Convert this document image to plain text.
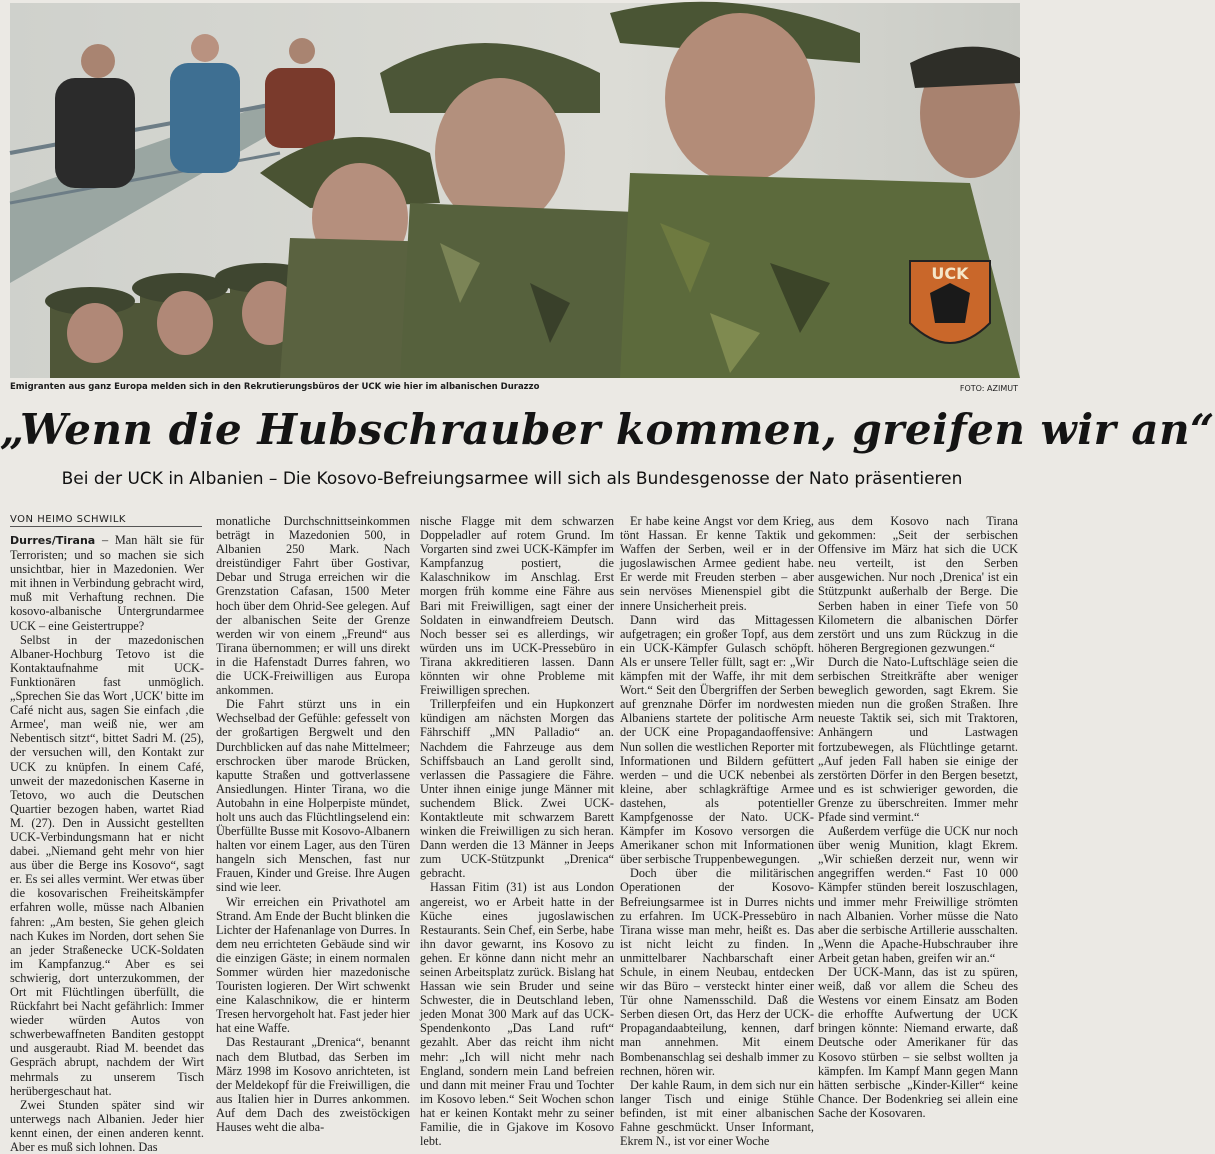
UCK
Emigranten aus ganz Europa melden sich in den Rekrutierungsbüros der UCK wie hier im albanischen Durazzo	FOTO: AZIMUT
„Wenn die Hubschrauber kommen, greifen wir an“
Bei der UCK in Albanien – Die Kosovo-Befreiungsarmee will sich als Bundesgenosse der Nato präsentieren
VON HEIMO SCHWILK

Durres/Tirana – Man hält sie für Terroristen; und so machen sie sich unsichtbar, hier in Mazedonien. Wer mit ihnen in Verbindung gebracht wird, muß mit Verhaftung rechnen. Die kosovo-albanische Untergrundarmee UCK – eine Geistertruppe?

Selbst in der mazedonischen Albaner-Hochburg Tetovo ist die Kontaktaufnahme mit UCK-Funktionären fast unmöglich. „Sprechen Sie das Wort ‚UCK' bitte im Café nicht aus, sagen Sie einfach ‚die Armee', man weiß nie, wer am Nebentisch sitzt“, bittet Sadri M. (25), der versuchen will, den Kontakt zur UCK zu knüpfen. In einem Café, unweit der mazedonischen Kaserne in Tetovo, wo auch die Deutschen Quartier bezogen haben, wartet Riad M. (27). Den in Aussicht gestellten UCK-Verbindungsmann hat er nicht dabei. „Niemand geht mehr von hier aus über die Berge ins Kosovo“, sagt er. Es sei alles vermint. Wer etwas über die kosovarischen Freiheitskämpfer erfahren wolle, müsse nach Albanien fahren: „Am besten, Sie gehen gleich nach Kukes im Norden, dort sehen Sie an jeder Straßenecke UCK-Soldaten im Kampfanzug.“ Aber es sei schwierig, dort unterzukommen, der Ort mit Flüchtlingen überfüllt, die Rückfahrt bei Nacht gefährlich: Immer wieder würden Autos von schwerbewaffneten Banditen gestoppt und ausgeraubt. Riad M. beendet das Gespräch abrupt, nachdem der Wirt mehrmals zu unserem Tisch herübergeschaut hat.

Zwei Stunden später sind wir unterwegs nach Albanien. Jeder hier kennt einen, der einen anderen kennt. Aber es muß sich lohnen. Das

monatliche Durchschnittseinkommen beträgt in Mazedonien 500, in Albanien 250 Mark. Nach dreistündiger Fahrt über Gostivar, Debar und Struga erreichen wir die Grenzstation Cafasan, 1500 Meter hoch über dem Ohrid-See gelegen. Auf der albanischen Seite der Grenze werden wir von einem „Freund“ aus Tirana übernommen; er will uns direkt in die Hafenstadt Durres fahren, wo die UCK-Freiwilligen aus Europa ankommen.

Die Fahrt stürzt uns in ein Wechselbad der Gefühle: gefesselt von der großartigen Bergwelt und den Durchblicken auf das nahe Mittelmeer; erschrocken über marode Brücken, kaputte Straßen und gottverlassene Ansiedlungen. Hinter Tirana, wo die Autobahn in eine Holperpiste mündet, holt uns auch das Flüchtlingselend ein: Überfüllte Busse mit Kosovo-Albanern halten vor einem Lager, aus den Türen hangeln sich Menschen, fast nur Frauen, Kinder und Greise. Ihre Augen sind wie leer.

Wir erreichen ein Privathotel am Strand. Am Ende der Bucht blinken die Lichter der Hafenanlage von Durres. In dem neu errichteten Gebäude sind wir die einzigen Gäste; in einem normalen Sommer würden hier mazedonische Touristen logieren. Der Wirt schwenkt eine Kalaschnikow, die er hinterm Tresen hervorgeholt hat. Fast jeder hier hat eine Waffe.

Das Restaurant „Drenica“, benannt nach dem Blutbad, das Serben im März 1998 im Kosovo anrichteten, ist der Meldekopf für die Freiwilligen, die aus Italien hier in Durres ankommen. Auf dem Dach des zweistöckigen Hauses weht die alba-

nische Flagge mit dem schwarzen Doppeladler auf rotem Grund. Im Vorgarten sind zwei UCK-Kämpfer im Kampfanzug postiert, die Kalaschnikow im Anschlag. Erst morgen früh komme eine Fähre aus Bari mit Freiwilligen, sagt einer der Soldaten in einwandfreiem Deutsch. Noch besser sei es allerdings, wir würden uns im UCK-Pressebüro in Tirana akkreditieren lassen. Dann könnten wir ohne Probleme mit Freiwilligen sprechen.

Trillerpfeifen und ein Hupkonzert kündigen am nächsten Morgen das Fährschiff „MN Palladio“ an. Nachdem die Fahrzeuge aus dem Schiffsbauch an Land gerollt sind, verlassen die Passagiere die Fähre. Unter ihnen einige junge Männer mit suchendem Blick. Zwei UCK-Kontaktleute mit schwarzem Barett winken die Freiwilligen zu sich heran. Dann werden die 13 Männer in Jeeps zum UCK-Stützpunkt „Drenica“ gebracht.

Hassan Fitim (31) ist aus London angereist, wo er Arbeit hatte in der Küche eines jugoslawischen Restaurants. Sein Chef, ein Serbe, habe ihn davor gewarnt, ins Kosovo zu gehen. Er könne dann nicht mehr an seinen Arbeitsplatz zurück. Bislang hat Hassan wie sein Bruder und seine Schwester, die in Deutschland leben, jeden Monat 300 Mark auf das UCK-Spendenkonto „Das Land ruft“ gezahlt. Aber das reicht ihm nicht mehr: „Ich will nicht mehr nach England, sondern mein Land befreien und dann mit meiner Frau und Tochter im Kosovo leben.“ Seit Wochen schon hat er keinen Kontakt mehr zu seiner Familie, die in Gjakove im Kosovo lebt.

Er habe keine Angst vor dem Krieg, tönt Hassan. Er kenne Taktik und Waffen der Serben, weil er in der jugoslawischen Armee gedient habe. Er werde mit Freuden sterben – aber sein nervöses Mienenspiel gibt die innere Unsicherheit preis.

Dann wird das Mittagessen aufgetragen; ein großer Topf, aus dem ein UCK-Kämpfer Gulasch schöpft. Als er unsere Teller füllt, sagt er: „Wir kämpfen mit der Waffe, ihr mit dem Wort.“ Seit den Übergriffen der Serben auf grenznahe Dörfer im nordwesten Albaniens startete der politische Arm der UCK eine Propagandaoffensive: Nun sollen die westlichen Reporter mit Informationen und Bildern gefüttert werden – und die UCK nebenbei als kleine, aber schlagkräftige Armee dastehen, als potentieller Kampfgenosse der Nato. UCK-Kämpfer im Kosovo versorgen die Amerikaner schon mit Informationen über serbische Truppenbewegungen.

Doch über die militärischen Operationen der Kosovo-Befreiungsarmee ist in Durres nichts zu erfahren. Im UCK-Pressebüro in Tirana wisse man mehr, heißt es. Das ist nicht leicht zu finden. In unmittelbarer Nachbarschaft einer Schule, in einem Neubau, entdecken wir das Büro – versteckt hinter einer Tür ohne Namensschild. Daß die Serben diesen Ort, das Herz der UCK-Propagandaabteilung, kennen, darf man annehmen. Mit einem Bombenanschlag sei deshalb immer zu rechnen, hören wir.

Der kahle Raum, in dem sich nur ein langer Tisch und einige Stühle befinden, ist mit einer albanischen Fahne geschmückt. Unser Informant, Ekrem N., ist vor einer Woche

aus dem Kosovo nach Tirana gekommen: „Seit der serbischen Offensive im März hat sich die UCK neu verteilt, ist den Serben ausgewichen. Nur noch ‚Drenica' ist ein Stützpunkt außerhalb der Berge. Die Serben haben in einer Tiefe von 50 Kilometern die albanischen Dörfer zerstört und uns zum Rückzug in die höheren Bergregionen gezwungen.“

Durch die Nato-Luftschläge seien die serbischen Streitkräfte aber weniger beweglich geworden, sagt Ekrem. Sie mieden nun die großen Straßen. Ihre neueste Taktik sei, sich mit Traktoren, Anhängern und Lastwagen fortzubewegen, als Flüchtlinge getarnt. „Auf jeden Fall haben sie einige der zerstörten Dörfer in den Bergen besetzt, und es ist schwieriger geworden, die Grenze zu überschreiten. Immer mehr Pfade sind vermint.“

Außerdem verfüge die UCK nur noch über wenig Munition, klagt Ekrem. „Wir schießen derzeit nur, wenn wir angegriffen werden.“ Fast 10 000 Kämpfer stünden bereit loszuschlagen, und immer mehr Freiwillige strömten nach Albanien. Vorher müsse die Nato aber die serbische Artillerie ausschalten. „Wenn die Apache-Hubschrauber ihre Arbeit getan haben, greifen wir an.“

Der UCK-Mann, das ist zu spüren, weiß, daß vor allem die Scheu des Westens vor einem Einsatz am Boden die erhoffte Aufwertung der UCK bringen könnte: Niemand erwarte, daß Deutsche oder Amerikaner für das Kosovo stürben – sie selbst wollten ja kämpfen. Im Kampf Mann gegen Mann hätten serbische „Kinder-Killer“ keine Chance. Der Bodenkrieg sei allein eine Sache der Kosovaren.
